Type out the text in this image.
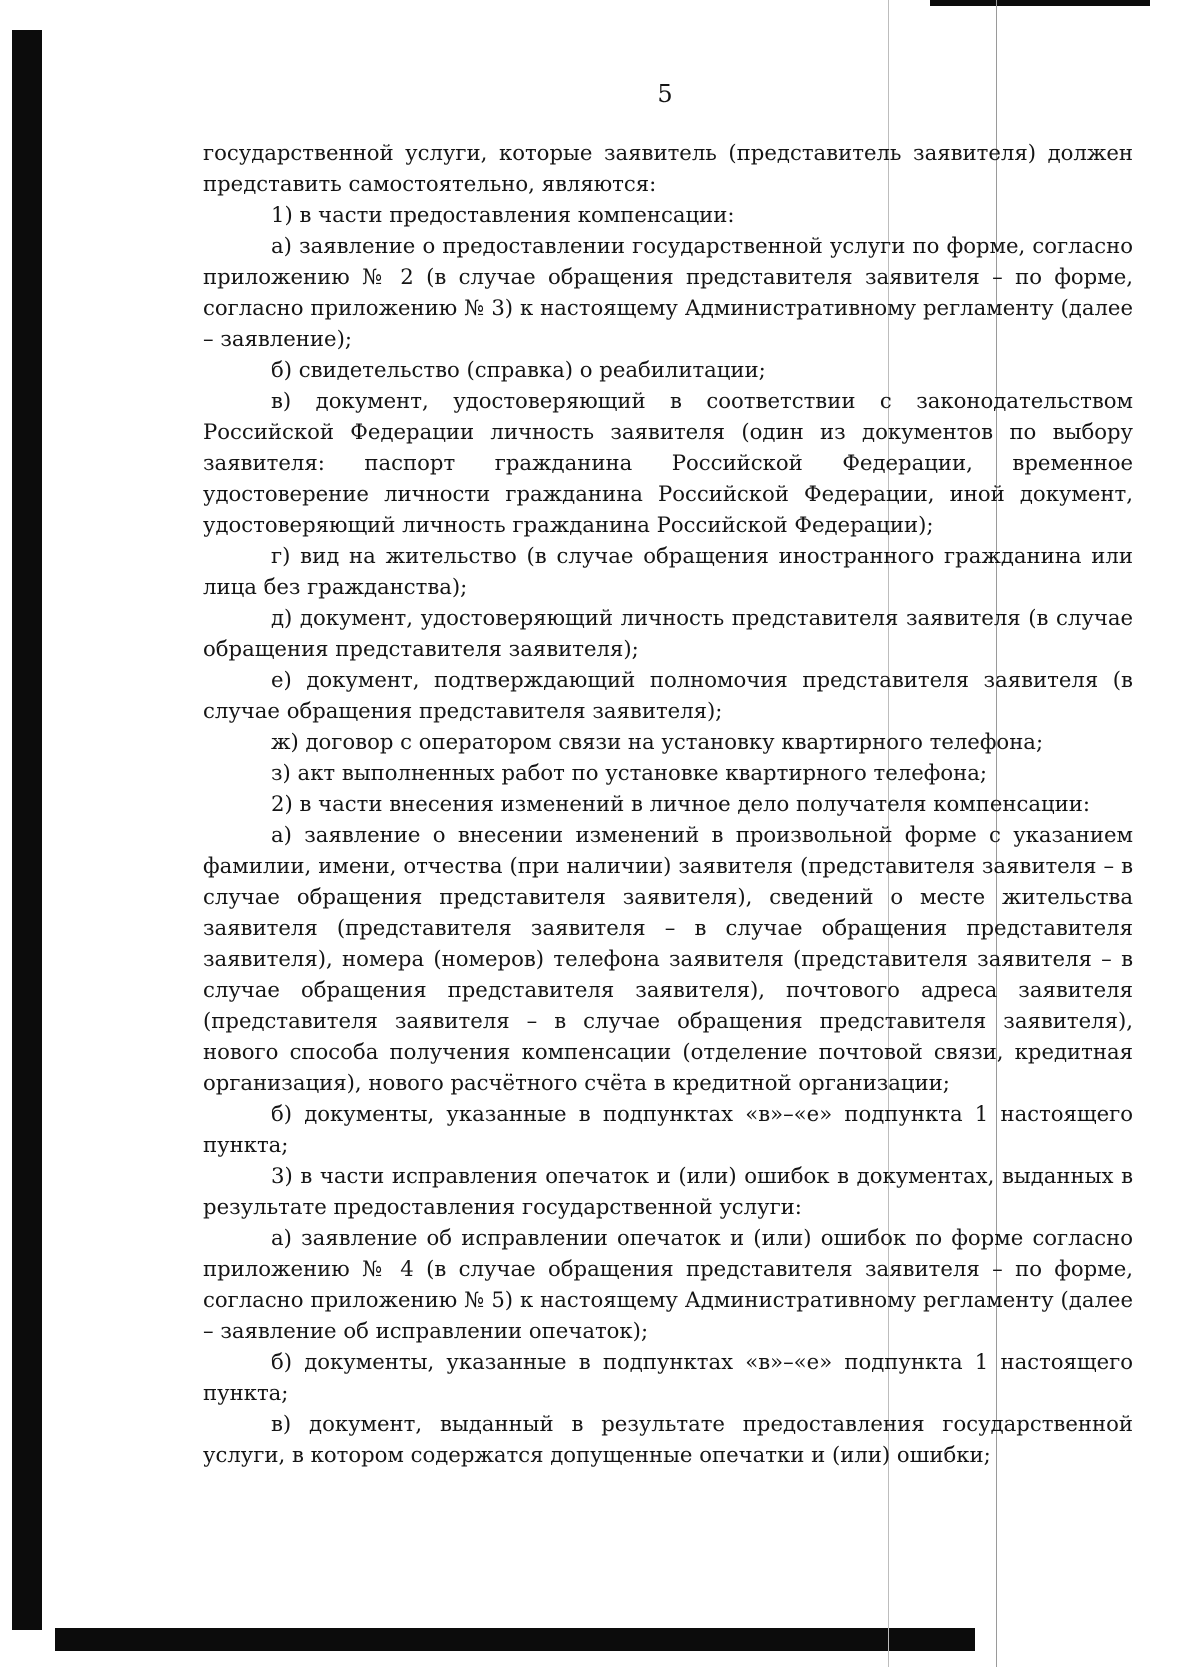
5

государственной услуги, которые заявитель (представитель заявителя) должен представить самостоятельно, являются:

1) в части предоставления компенсации:

а) заявление о предоставлении государственной услуги по форме, согласно приложению № 2 (в случае обращения представителя заявителя – по форме, согласно приложению № 3) к настоящему Административному регламенту (далее – заявление);

б) свидетельство (справка) о реабилитации;

в) документ, удостоверяющий в соответствии с законодательством Российской Федерации личность заявителя (один из документов по выбору заявителя: паспорт гражданина Российской Федерации, временное удостоверение личности гражданина Российской Федерации, иной документ, удостоверяющий личность гражданина Российской Федерации);

г) вид на жительство (в случае обращения иностранного гражданина или лица без гражданства);

д) документ, удостоверяющий личность представителя заявителя (в случае обращения представителя заявителя);

е) документ, подтверждающий полномочия представителя заявителя (в случае обращения представителя заявителя);

ж) договор с оператором связи на установку квартирного телефона;

з) акт выполненных работ по установке квартирного телефона;

2) в части внесения изменений в личное дело получателя компенсации:

а) заявление о внесении изменений в произвольной форме с указанием фамилии, имени, отчества (при наличии) заявителя (представителя заявителя – в случае обращения представителя заявителя), сведений о месте жительства заявителя (представителя заявителя – в случае обращения представителя заявителя), номера (номеров) телефона заявителя (представителя заявителя – в случае обращения представителя заявителя), почтового адреса заявителя (представителя заявителя – в случае обращения представителя заявителя), нового способа получения компенсации (отделение почтовой связи, кредитная организация), нового расчётного счёта в кредитной организации;

б) документы, указанные в подпунктах «в»–«е» подпункта 1 настоящего пункта;

3) в части исправления опечаток и (или) ошибок в документах, выданных в результате предоставления государственной услуги:

а) заявление об исправлении опечаток и (или) ошибок по форме согласно приложению № 4 (в случае обращения представителя заявителя – по форме, согласно приложению № 5) к настоящему Административному регламенту (далее – заявление об исправлении опечаток);

б) документы, указанные в подпунктах «в»–«е» подпункта 1 настоящего пункта;

в) документ, выданный в результате предоставления государственной услуги, в котором содержатся допущенные опечатки и (или) ошибки;
